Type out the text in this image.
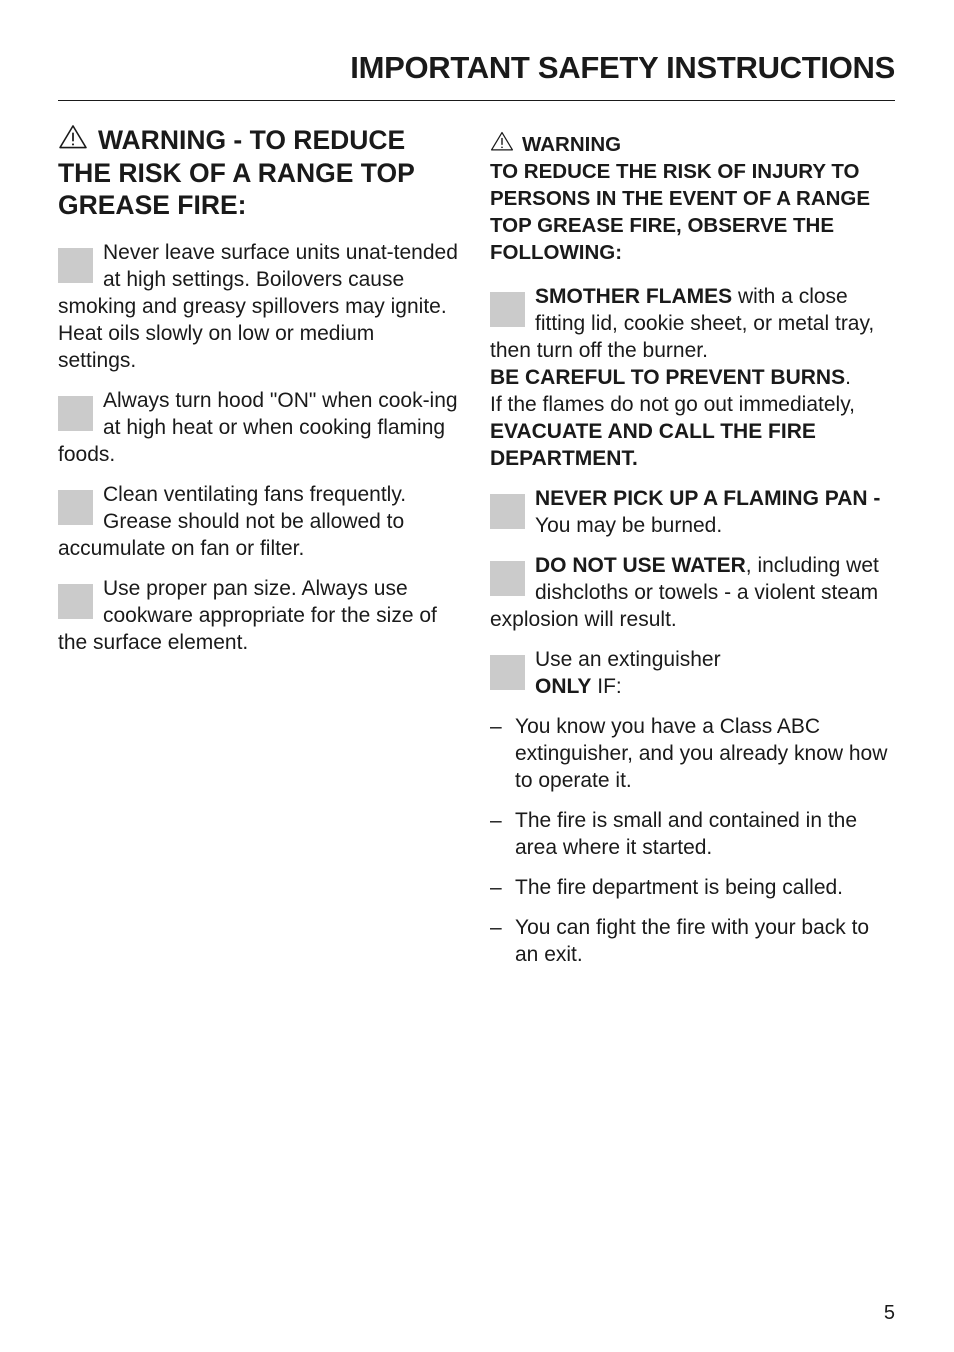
IMPORTANT SAFETY INSTRUCTIONS
WARNING - TO REDUCE THE RISK OF A RANGE TOP GREASE FIRE:
Never leave surface units unat-tended at high settings. Boilovers cause smoking and greasy spillovers may ignite. Heat oils slowly on low or medium settings.
Always turn hood "ON" when cook-ing at high heat or when cooking flaming foods.
Clean ventilating fans frequently. Grease should not be allowed to accumulate on fan or filter.
Use proper pan size. Always use cookware appropriate for the size of the surface element.
WARNING
TO REDUCE THE RISK OF INJURY TO PERSONS IN THE EVENT OF A RANGE TOP GREASE FIRE, OBSERVE THE FOLLOWING:
SMOTHER FLAMES with a close fitting lid, cookie sheet, or metal tray, then turn off the burner.
BE CAREFUL TO PREVENT BURNS.
If the flames do not go out immediately,
EVACUATE AND CALL THE FIRE DEPARTMENT.
NEVER PICK UP A FLAMING PAN - You may be burned.
DO NOT USE WATER, including wet dishcloths or towels - a violent steam explosion will result.
Use an extinguisher
ONLY IF:
– You know you have a Class ABC extinguisher, and you already know how to operate it.
– The fire is small and contained in the area where it started.
– The fire department is being called.
– You can fight the fire with your back to an exit.
5
